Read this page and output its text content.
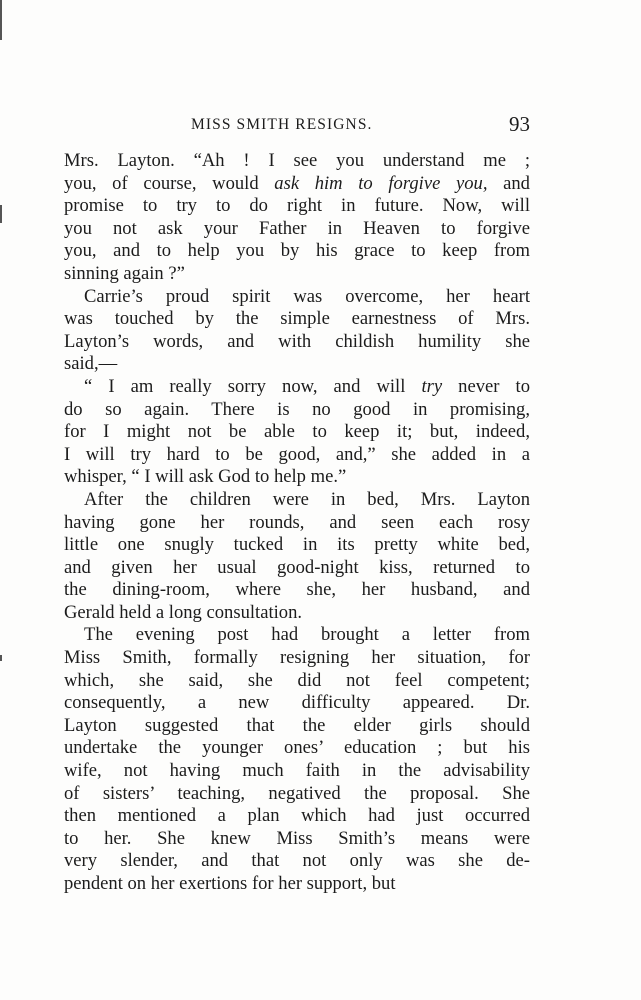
MISS SMITH RESIGNS.	93
Mrs. Layton. “Ah ! I see you understand me ;
you, of course, would ask him to forgive you, and
promise to try to do right in future. Now, will
you not ask your Father in Heaven to forgive
you, and to help you by his grace to keep from
sinning again ?”
Carrie’s proud spirit was overcome, her heart
was touched by the simple earnestness of Mrs.
Layton’s words, and with childish humility she
said,—
“ I am really sorry now, and will try never to
do so again. There is no good in promising,
for I might not be able to keep it; but, indeed,
I will try hard to be good, and,” she added in a
whisper, “ I will ask God to help me.”
After the children were in bed, Mrs. Layton
having gone her rounds, and seen each rosy
little one snugly tucked in its pretty white bed,
and given her usual good-night kiss, returned to
the dining-room, where she, her husband, and
Gerald held a long consultation.
The evening post had brought a letter from
Miss Smith, formally resigning her situation, for
which, she said, she did not feel competent;
consequently, a new difficulty appeared. Dr.
Layton suggested that the elder girls should
undertake the younger ones’ education ; but his
wife, not having much faith in the advisability
of sisters’ teaching, negatived the proposal. She
then mentioned a plan which had just occurred
to her. She knew Miss Smith’s means were
very slender, and that not only was she de-
pendent on her exertions for her support, but
